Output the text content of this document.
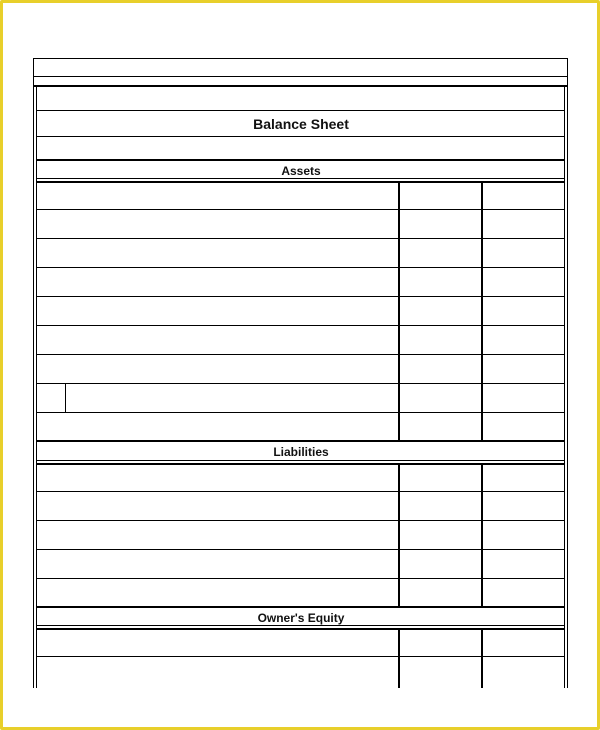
Balance Sheet
Assets
Liabilities
Owner's Equity
